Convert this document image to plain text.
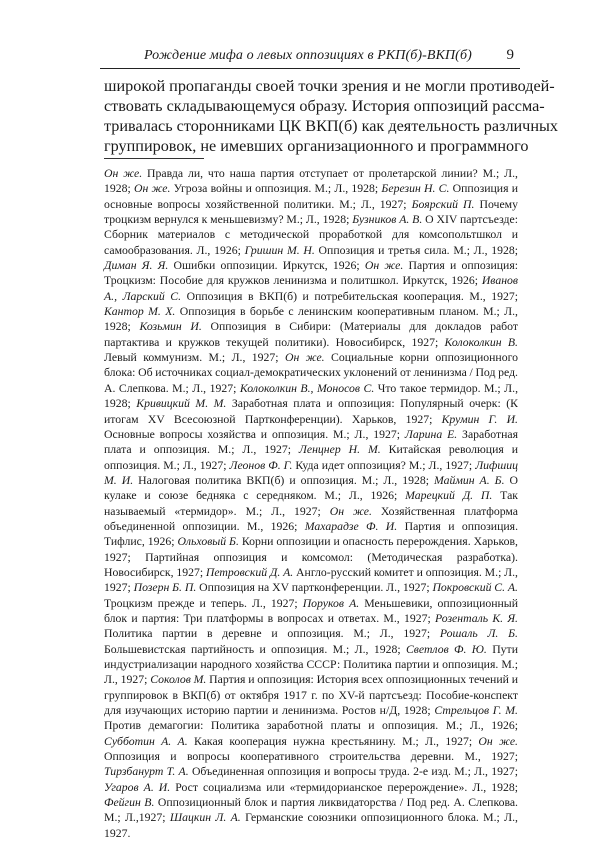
Рождение мифа о левых оппозициях в РКП(б)-ВКП(б) 9
широкой пропаганды своей точки зрения и не могли противодей-
ствовать складывающемуся образу. История оппозиций рассма-
тривалась сторонниками ЦК ВКП(б) как деятельность различных
группировок, не имевших организационного и программного
Он же. Правда ли, что наша партия отступает от пролетарской линии? М.; Л., 1928; Он же. Угроза войны и оппозиция. М.; Л., 1928; Березин Н. С. Оппозиция и основные вопросы хозяйственной политики. М.; Л., 1927; Боярский П. Почему троцкизм вернулся к меньшевизму? М.; Л., 1928; Бузников А. В. О XIV партсъезде: Сборник материалов с методической проработкой для комсопольтшкол и самообразования. Л., 1926; Гришин М. Н. Оппозиция и третья сила. М.; Л., 1928; Диман Я. Я. Ошибки оппозиции. Иркутск, 1926; Он же. Партия и оппозиция: Троцкизм: Пособие для кружков ленинизма и политшкол. Иркутск, 1926; Иванов А., Ларский С. Оппозиция в ВКП(б) и потребительская кооперация. М., 1927; Кантор М. Х. Оппозиция в борьбе с ленинским кооперативным планом. М.; Л., 1928; Козьмин И. Оппозиция в Сибири: (Материалы для докладов работ партактива и кружков текущей политики). Новосибирск, 1927; Колоколкин В. Левый коммунизм. М.; Л., 1927; Он же. Социальные корни оппозиционного блока: Об источниках социал-демократических уклонений от ленинизма / Под ред. А. Слепкова. М.; Л., 1927; Колоколкин В., Моносов С. Что такое термидор. М.; Л., 1928; Кривицкий М. М. Заработная плата и оппозиция: Популярный очерк: (К итогам XV Всесоюзной Партконференции). Харьков, 1927; Крумин Г. И. Основные вопросы хозяйства и оппозиция. М.; Л., 1927; Ларина Е. Заработная плата и оппозиция. М.; Л., 1927; Ленцнер Н. М. Китайская революция и оппозиция. М.; Л., 1927; Леонов Ф. Г. Куда идет оппозиция? М.; Л., 1927; Лифшиц М. И. Налоговая политика ВКП(б) и оппозиция. М.; Л., 1928; Маймин А. Б. О кулаке и союзе бедняка с середняком. М.; Л., 1926; Марецкий Д. П. Так называемый «термидор». М.; Л., 1927; Он же. Хозяйственная платформа объединенной оппозиции. М., 1926; Махарадзе Ф. И. Партия и оппозиция. Тифлис, 1926; Ольховый Б. Корни оппозиции и опасность перерождения. Харьков, 1927; Партийная оппозиция и комсомол: (Методическая разработка). Новосибирск, 1927; Петровский Д. А. Англо-русский комитет и оппозиция. М.; Л., 1927; Позерн Б. П. Оппозиция на XV партконференции. Л., 1927; Покровский С. А. Троцкизм прежде и теперь. Л., 1927; Поруков А. Меньшевики, оппозиционный блок и партия: Три платформы в вопросах и ответах. М., 1927; Розенталь К. Я. Политика партии в деревне и оппозиция. М.; Л., 1927; Рошаль Л. Б. Большевистская партийность и оппозиция. М.; Л., 1928; Светлов Ф. Ю. Пути индустриализации народного хозяйства СССР: Политика партии и оппозиция. М.; Л., 1927; Соколов М. Партия и оппозиция: История всех оппозиционных течений и группировок в ВКП(б) от октября 1917 г. по XV-й партсъезд: Пособие-конспект для изучающих историю партии и ленинизма. Ростов н/Д, 1928; Стрельцов Г. М. Против демагогии: Политика заработной платы и оппозиция. М.; Л., 1926; Субботин А. А. Какая кооперация нужна крестьянину. М.; Л., 1927; Он же. Оппозиция и вопросы кооперативного строительства деревни. М., 1927; Тирзбанурт Т. А. Объединенная оппозиция и вопросы труда. 2-е изд. М.; Л., 1927; Угаров А. И. Рост социализма или «термидорианское перерождение». Л., 1928; Фейгин В. Оппозиционный блок и партия ликвидаторства / Под ред. А. Слепкова. М.; Л.,1927; Шацкин Л. А. Германские союзники оппозиционного блока. М.; Л., 1927.
